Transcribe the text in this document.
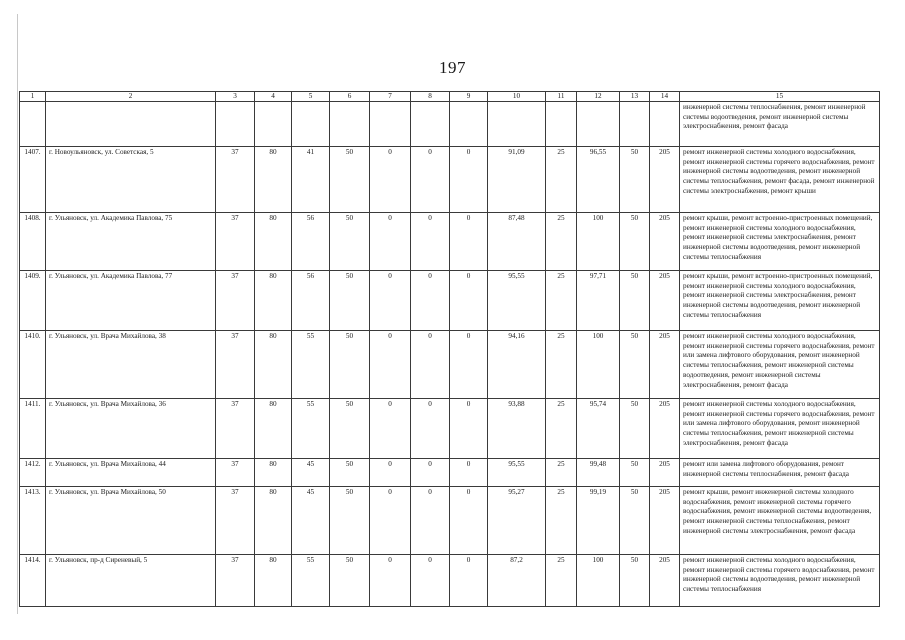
197
1	2	3	4	5	6	7	8	9	10	11	12	13	14	15
														инженерной системы теплоснабжения, ремонт инженерной системы водоотведения, ремонт инженерной системы электроснабжения, ремонт фасада
1407.	г. Новоульяновск, ул. Советская, 5	37	80	41	50	0	0	0	91,09	25	96,55	50	205	ремонт инженерной системы холодного водоснабжения, ремонт инженерной системы горячего водоснабжения, ремонт инженерной системы водоотведения, ремонт инженерной системы теплоснабжения, ремонт фасада, ремонт инженерной системы электроснабжения, ремонт крыши
1408.	г. Ульяновск, ул. Академика Павлова, 75	37	80	56	50	0	0	0	87,48	25	100	50	205	ремонт крыши, ремонт встроенно-пристроенных помещений, ремонт инженерной системы холодного водоснабжения, ремонт инженерной системы электроснабжения, ремонт инженерной системы водоотведения, ремонт инженерной системы теплоснабжения
1409.	г. Ульяновск, ул. Академика Павлова, 77	37	80	56	50	0	0	0	95,55	25	97,71	50	205	ремонт крыши, ремонт встроенно-пристроенных помещений, ремонт инженерной системы холодного водоснабжения, ремонт инженерной системы электроснабжения, ремонт инженерной системы водоотведения, ремонт инженерной системы теплоснабжения
1410.	г. Ульяновск, ул. Врача Михайлова, 38	37	80	55	50	0	0	0	94,16	25	100	50	205	ремонт инженерной системы холодного водоснабжения, ремонт инженерной системы горячего водоснабжения, ремонт или замена лифтового оборудования, ремонт инженерной системы теплоснабжения, ремонт инженерной системы водоотведения, ремонт инженерной системы электроснабжения, ремонт фасада
1411.	г. Ульяновск, ул. Врача Михайлова, 36	37	80	55	50	0	0	0	93,88	25	95,74	50	205	ремонт инженерной системы холодного водоснабжения, ремонт инженерной системы горячего водоснабжения, ремонт или замена лифтового оборудования, ремонт инженерной системы теплоснабжения, ремонт инженерной системы электроснабжения, ремонт фасада
1412.	г. Ульяновск, ул. Врача Михайлова, 44	37	80	45	50	0	0	0	95,55	25	99,48	50	205	ремонт или замена лифтового оборудования, ремонт инженерной системы теплоснабжения, ремонт фасада
1413.	г. Ульяновск, ул. Врача Михайлова, 50	37	80	45	50	0	0	0	95,27	25	99,19	50	205	ремонт крыши, ремонт инженерной системы холодного водоснабжения, ремонт инженерной системы горячего водоснабжения, ремонт инженерной системы водоотведения, ремонт инженерной системы теплоснабжения, ремонт инженерной системы электроснабжения, ремонт фасада
1414.	г. Ульяновск, пр-д Сиреневый, 5	37	80	55	50	0	0	0	87,2	25	100	50	205	ремонт инженерной системы холодного водоснабжения, ремонт инженерной системы горячего водоснабжения, ремонт инженерной системы водоотведения, ремонт инженерной системы теплоснабжения
